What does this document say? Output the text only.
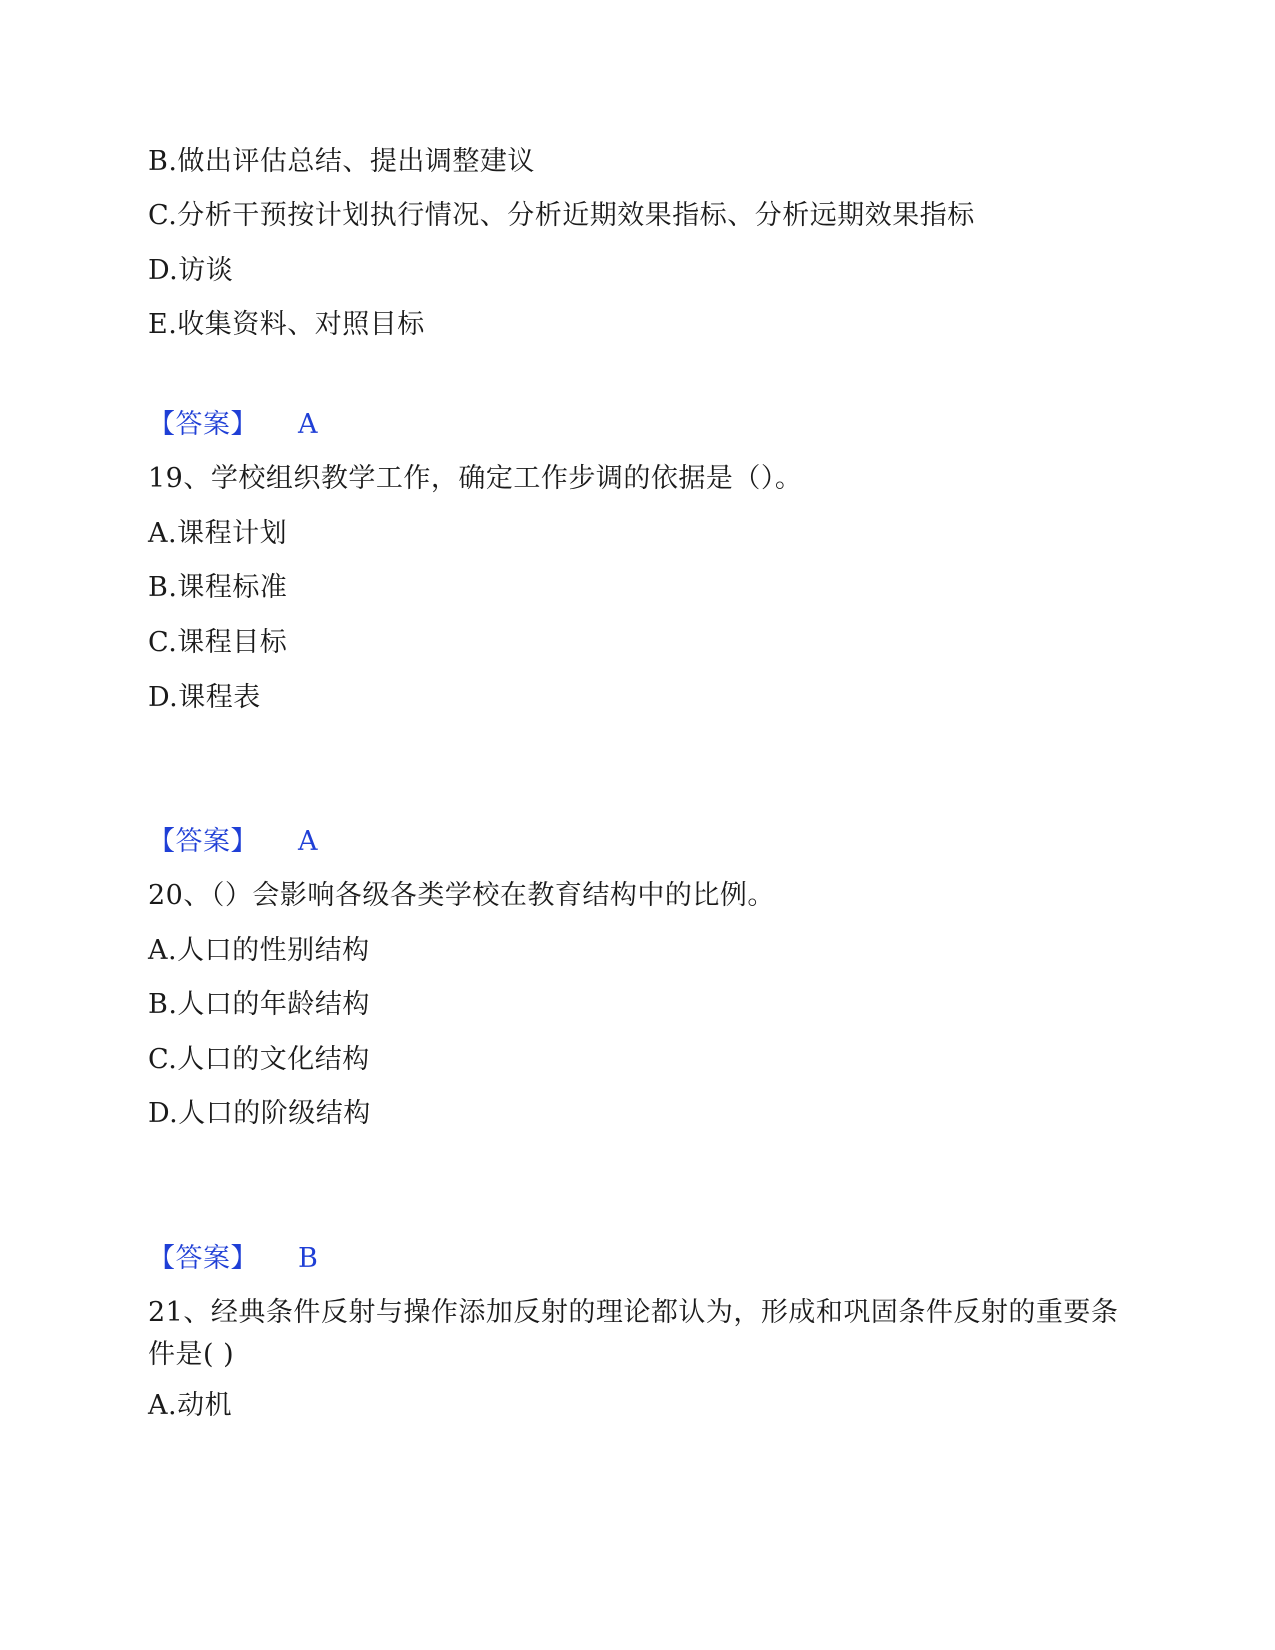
B.做出评估总结、提出调整建议
C.分析干预按计划执行情况、分析近期效果指标、分析远期效果指标
D.访谈
E.收集资料、对照目标
【答案】 A
19、学校组织教学工作，确定工作步调的依据是（）。
A.课程计划
B.课程标准
C.课程目标
D.课程表
【答案】 A
20、（）会影响各级各类学校在教育结构中的比例。
A.人口的性别结构
B.人口的年龄结构
C.人口的文化结构
D.人口的阶级结构
【答案】 B
21、经典条件反射与操作添加反射的理论都认为，形成和巩固条件反射的重要条件是( )
A.动机
